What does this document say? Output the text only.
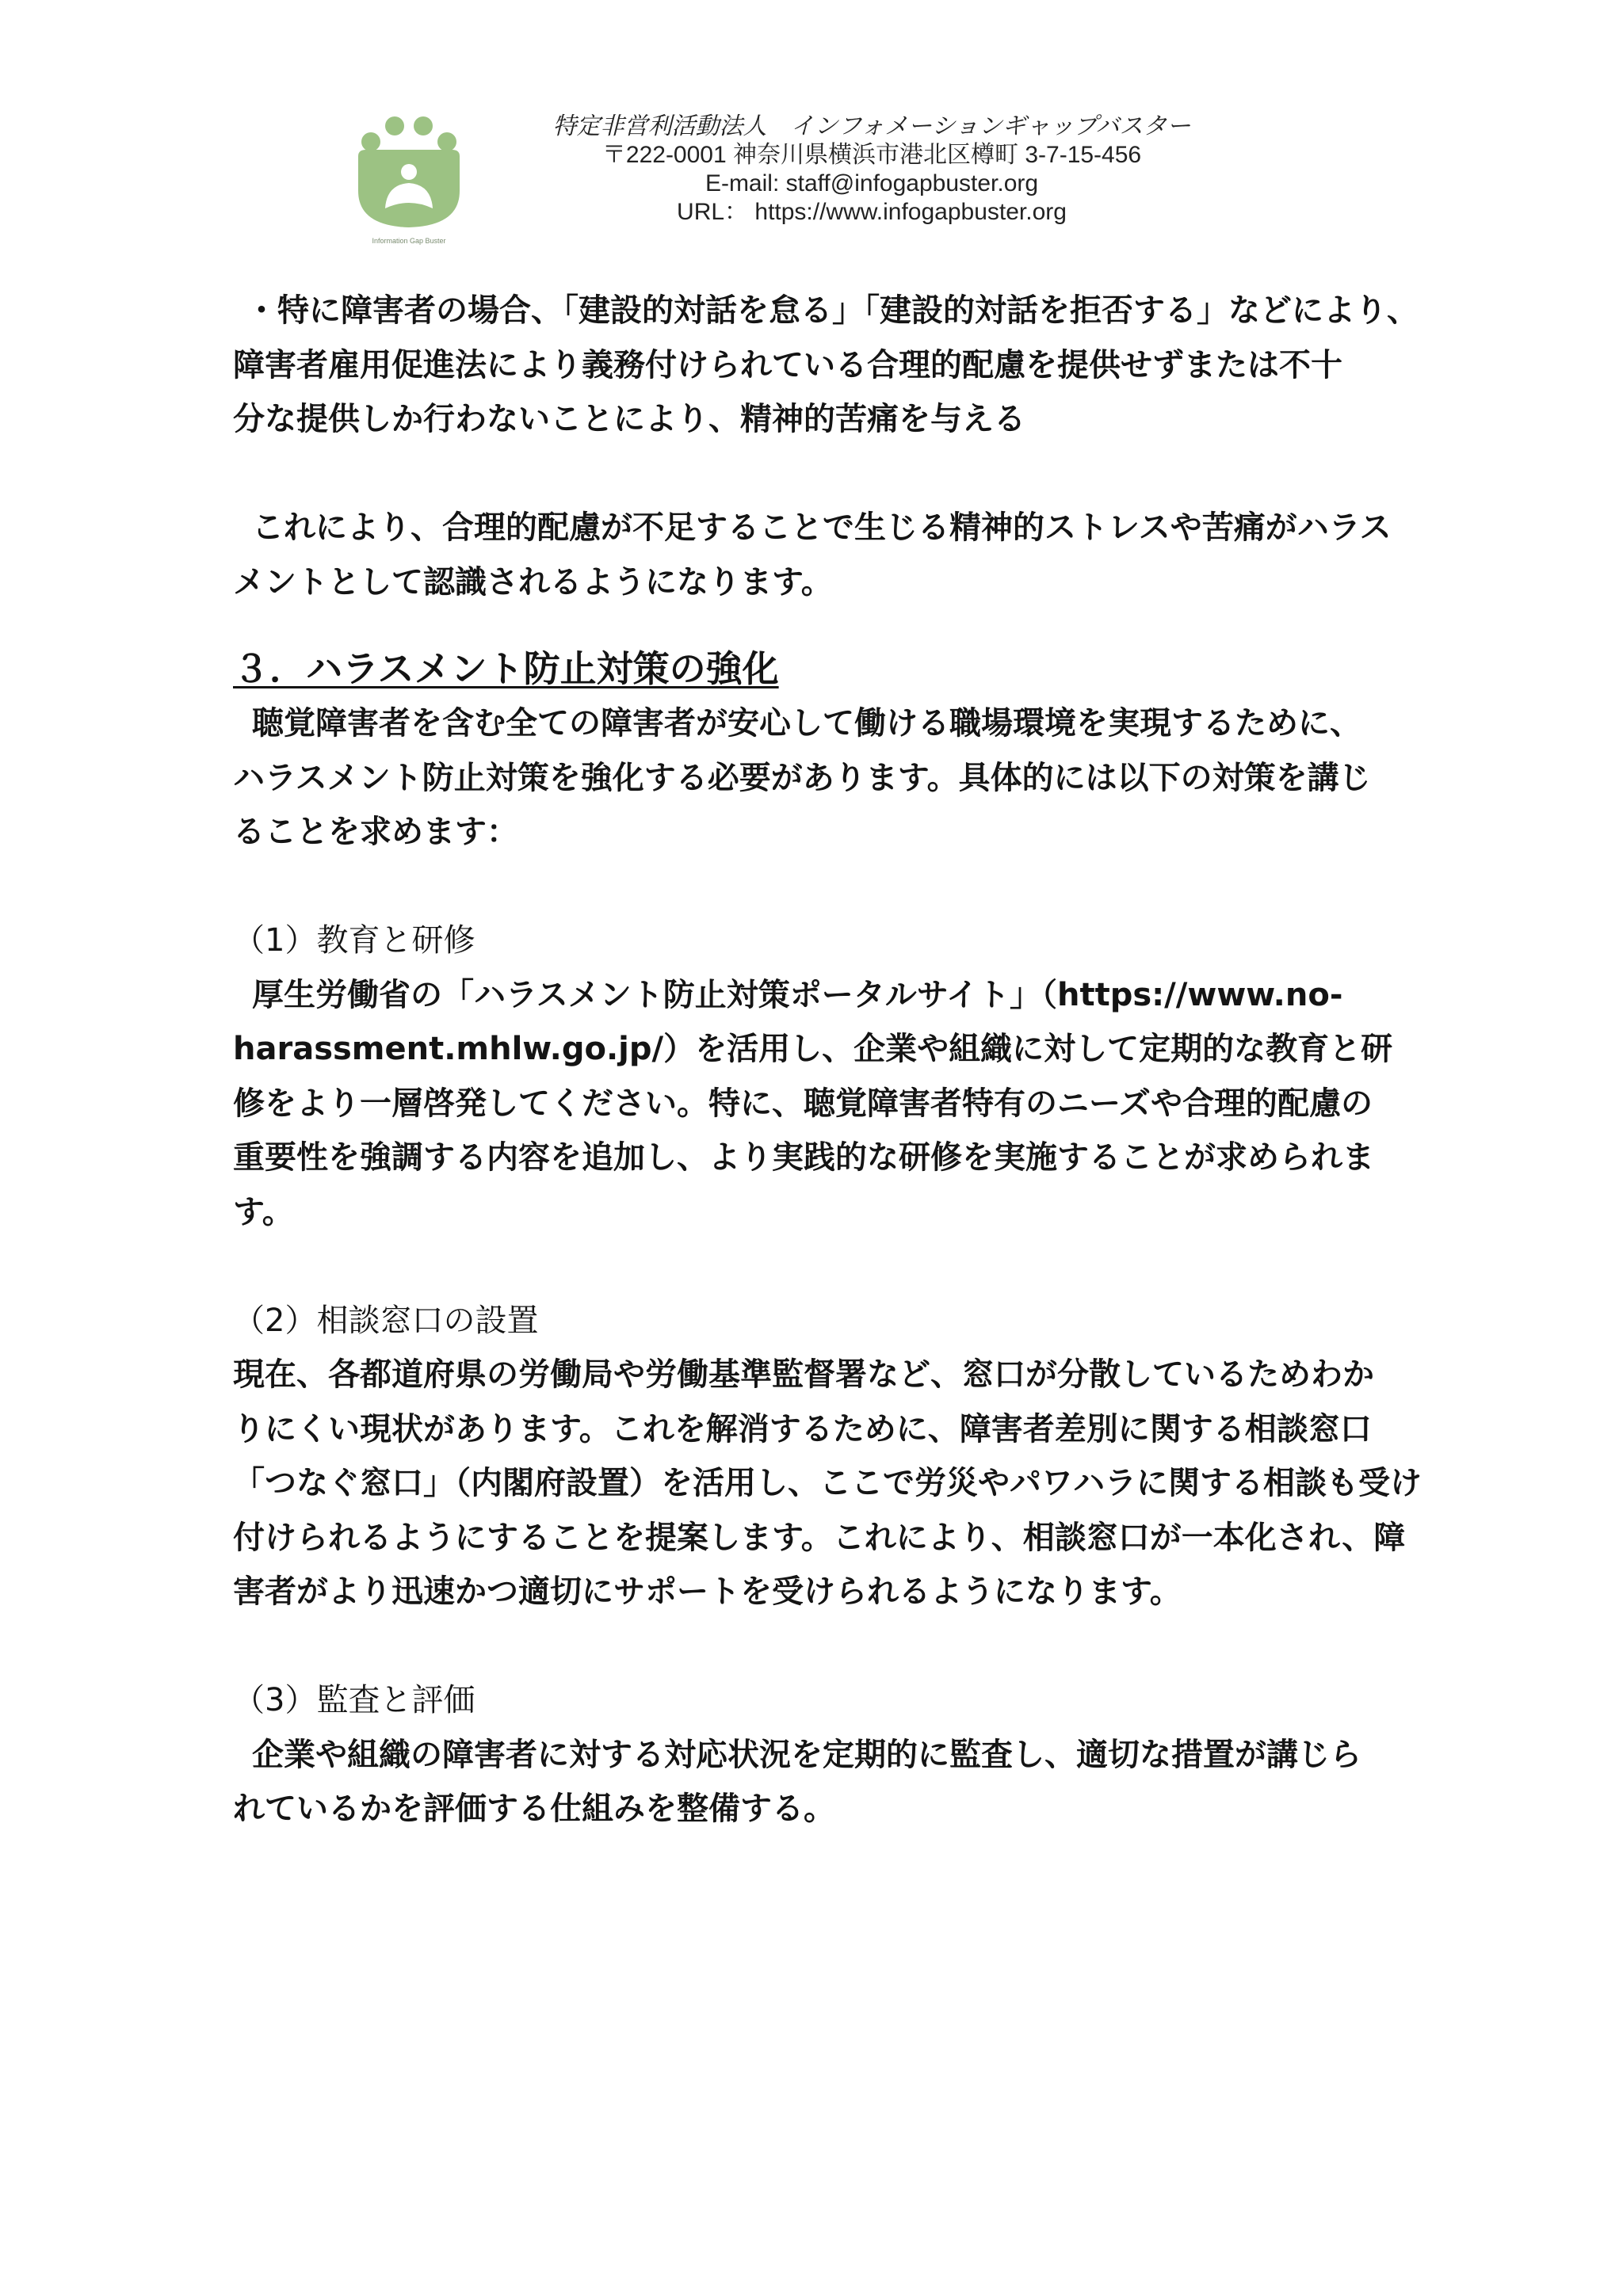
Information Gap Buster
特定非営利活動法人　インフォメーションギャップバスター
〒222-0001 神奈川県横浜市港北区樽町 3-7-15-456
E-mail: staff@infogapbuster.org
URL： https://www.infogapbuster.org

・特に障害者の場合、「建設的対話を怠る」「建設的対話を拒否する」などにより、

障害者雇用促進法により義務付けられている合理的配慮を提供せずまたは不十

分な提供しか行わないことにより、精神的苦痛を与える

これにより、合理的配慮が不足することで生じる精神的ストレスや苦痛がハラス

メントとして認識されるようになります。

３．ハラスメント防止対策の強化

聴覚障害者を含む全ての障害者が安心して働ける職場環境を実現するために、

ハラスメント防止対策を強化する必要があります。具体的には以下の対策を講じ

ることを求めます：

（1）教育と研修

厚生労働省の「ハラスメント防止対策ポータルサイト」（https://www.no-

harassment.mhlw.go.jp/）を活用し、企業や組織に対して定期的な教育と研

修をより一層啓発してください。特に、聴覚障害者特有のニーズや合理的配慮の

重要性を強調する内容を追加し、より実践的な研修を実施することが求められま

す。

（2）相談窓口の設置

現在、各都道府県の労働局や労働基準監督署など、窓口が分散しているためわか

りにくい現状があります。これを解消するために、障害者差別に関する相談窓口

「つなぐ窓口」（内閣府設置）を活用し、ここで労災やパワハラに関する相談も受け

付けられるようにすることを提案します。これにより、相談窓口が一本化され、障

害者がより迅速かつ適切にサポートを受けられるようになります。

（3）監査と評価

企業や組織の障害者に対する対応状況を定期的に監査し、適切な措置が講じら

れているかを評価する仕組みを整備する。
